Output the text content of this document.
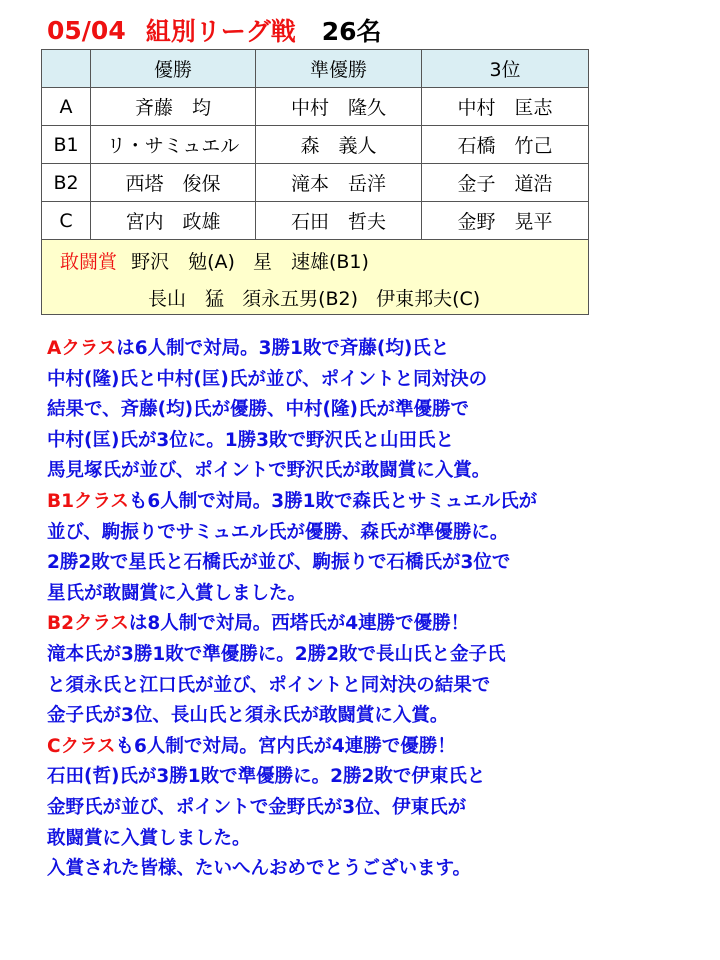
05/04 組別リーグ戦 26名
	優勝	準優勝	3位
A	斉藤　均	中村　隆久	中村　匡志
B1	リ・サミュエル	森　義人	石橋　竹己
B2	西塔　俊保	滝本　岳洋	金子　道浩
C	宮内　政雄	石田　哲夫	金野　晃平

敢闘賞 野沢　勉(A) 星　速雄(B1)
長山　猛 須永五男(B2) 伊東邦夫(C)			
Aクラスは6人制で対局。3勝1敗で斉藤(均)氏と
中村(隆)氏と中村(匡)氏が並び、ポイントと同対決の
結果で、斉藤(均)氏が優勝、中村(隆)氏が準優勝で
中村(匡)氏が3位に。1勝3敗で野沢氏と山田氏と
馬見塚氏が並び、ポイントで野沢氏が敢闘賞に入賞。
B1クラスも6人制で対局。3勝1敗で森氏とサミュエル氏が
並び、駒振りでサミュエル氏が優勝、森氏が準優勝に。
2勝2敗で星氏と石橋氏が並び、駒振りで石橋氏が3位で
星氏が敢闘賞に入賞しました。
B2クラスは8人制で対局。西塔氏が4連勝で優勝！
滝本氏が3勝1敗で準優勝に。2勝2敗で長山氏と金子氏
と須永氏と江口氏が並び、ポイントと同対決の結果で
金子氏が3位、長山氏と須永氏が敢闘賞に入賞。
Cクラスも6人制で対局。宮内氏が4連勝で優勝！
石田(哲)氏が3勝1敗で準優勝に。2勝2敗で伊東氏と
金野氏が並び、ポイントで金野氏が3位、伊東氏が
敢闘賞に入賞しました。
入賞された皆様、たいへんおめでとうございます。
